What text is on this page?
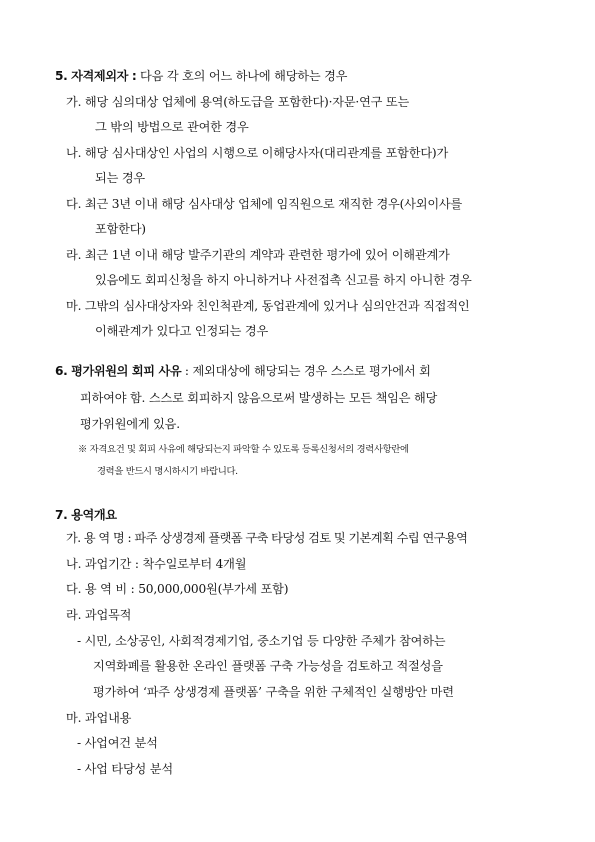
5. 자격제외자 : 다음 각 호의 어느 하나에 해당하는 경우
가. 해당 심의대상 업체에 용역(하도급을 포함한다)·자문·연구 또는
그 밖의 방법으로 관여한 경우
나. 해당 심사대상인 사업의 시행으로 이해당사자(대리관계를 포함한다)가
되는 경우
다. 최근 3년 이내 해당 심사대상 업체에 임직원으로 재직한 경우(사외이사를
포함한다)
라. 최근 1년 이내 해당 발주기관의 계약과 관련한 평가에 있어 이해관계가
있음에도 회피신청을 하지 아니하거나 사전접촉 신고를 하지 아니한 경우
마. 그밖의 심사대상자와 친인척관계, 동업관계에 있거나 심의안건과 직접적인
이해관계가 있다고 인정되는 경우
6. 평가위원의 회피 사유 : 제외대상에 해당되는 경우 스스로 평가에서 회
피하여야 함. 스스로 회피하지 않음으로써 발생하는 모든 책임은 해당
평가위원에게 있음.
※ 자격요건 및 회피 사유에 해당되는지 파악할 수 있도록 등록신청서의 경력사항란에
경력을 반드시 명시하시기 바랍니다.
7. 용역개요
가. 용 역 명 : 파주 상생경제 플랫폼 구축 타당성 검토 및 기본계획 수립 연구용역
나. 과업기간 : 착수일로부터 4개월
다. 용 역 비 : 50,000,000원(부가세 포함)
라. 과업목적
- 시민, 소상공인, 사회적경제기업, 중소기업 등 다양한 주체가 참여하는
지역화폐를 활용한 온라인 플랫폼 구축 가능성을 검토하고 적절성을
평가하여 ‘파주 상생경제 플랫폼’ 구축을 위한 구체적인 실행방안 마련
마. 과업내용
- 사업여건 분석
- 사업 타당성 분석
